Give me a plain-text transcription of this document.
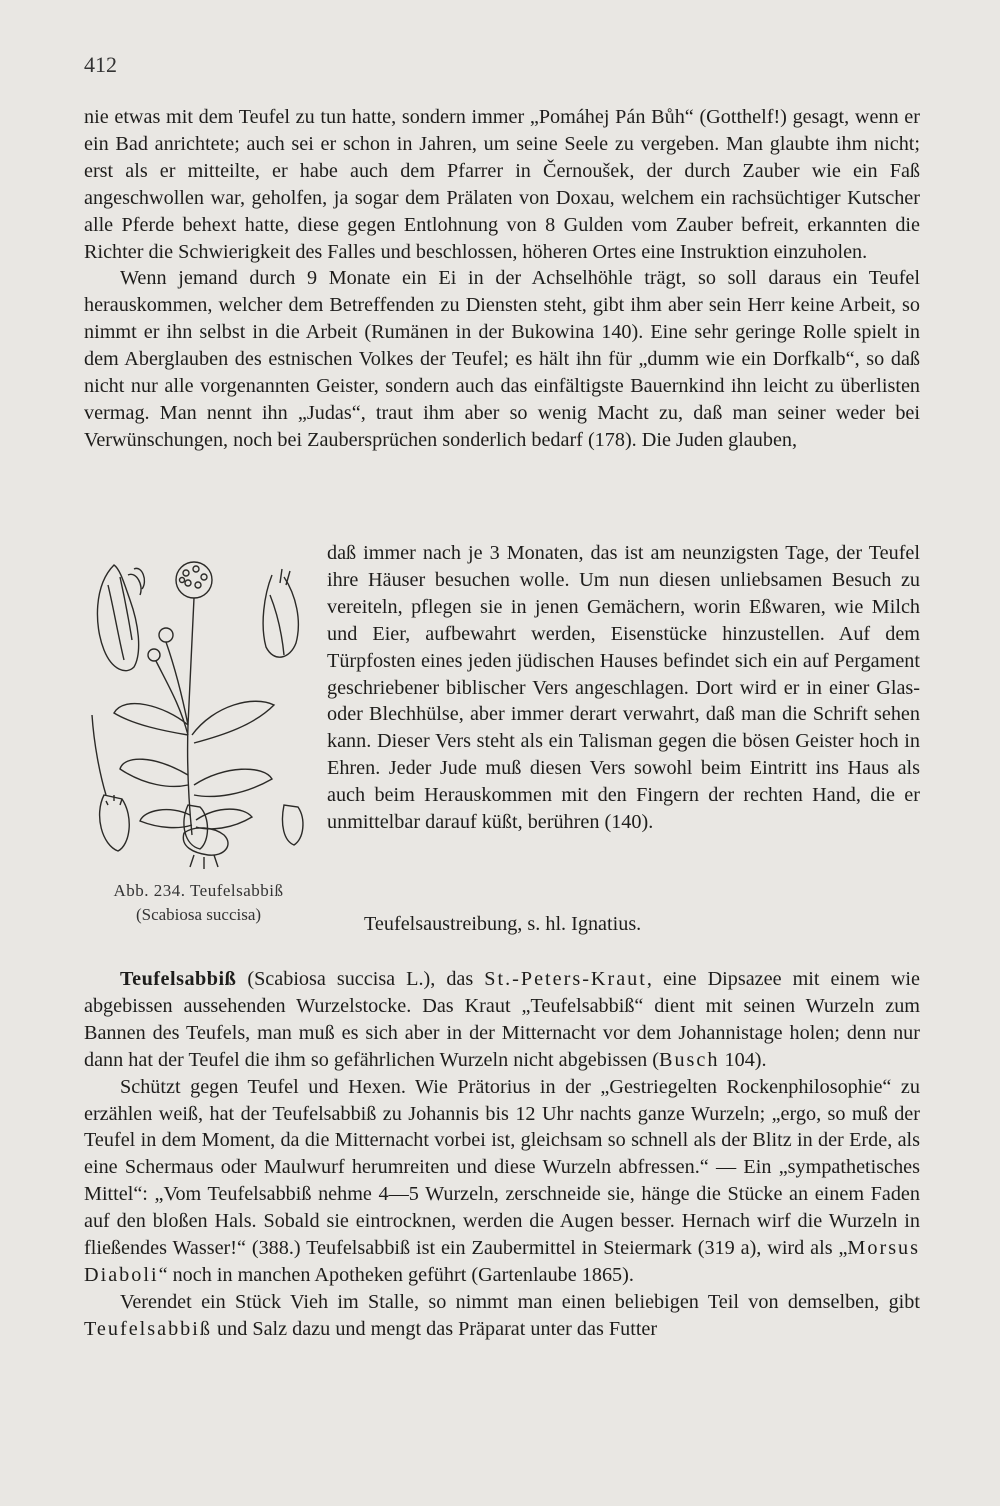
412

nie etwas mit dem Teufel zu tun hatte, sondern immer „Pomáhej Pán Bůh“ (Gotthelf!) gesagt, wenn er ein Bad anrichtete; auch sei er schon in Jahren, um seine Seele zu vergeben. Man glaubte ihm nicht; erst als er mitteilte, er habe auch dem Pfarrer in Černoušek, der durch Zauber wie ein Faß angeschwollen war, geholfen, ja sogar dem Prälaten von Doxau, welchem ein rachsüchtiger Kutscher alle Pferde behext hatte, diese gegen Entlohnung von 8 Gulden vom Zauber befreit, erkannten die Richter die Schwierigkeit des Falles und beschlossen, höheren Ortes eine Instruktion einzuholen.

Wenn jemand durch 9 Monate ein Ei in der Achselhöhle trägt, so soll daraus ein Teufel herauskommen, welcher dem Betreffenden zu Diensten steht, gibt ihm aber sein Herr keine Arbeit, so nimmt er ihn selbst in die Arbeit (Rumänen in der Bukowina 140). Eine sehr geringe Rolle spielt in dem Aberglauben des estnischen Volkes der Teufel; es hält ihn für „dumm wie ein Dorfkalb“, so daß nicht nur alle vorgenannten Geister, sondern auch das einfältigste Bauernkind ihn leicht zu überlisten vermag. Man nennt ihn „Judas“, traut ihm aber so wenig Macht zu, daß man seiner weder bei Verwünschungen, noch bei Zaubersprüchen sonderlich bedarf (178). Die Juden glauben,

Abb. 234. Teufelsabbiß
(Scabiosa succisa)

daß immer nach je 3 Monaten, das ist am neunzigsten Tage, der Teufel ihre Häuser besuchen wolle. Um nun diesen unliebsamen Besuch zu vereiteln, pflegen sie in jenen Gemächern, worin Eßwaren, wie Milch und Eier, aufbewahrt werden, Eisenstücke hinzustellen. Auf dem Türpfosten eines jeden jüdischen Hauses befindet sich ein auf Pergament geschriebener biblischer Vers angeschlagen. Dort wird er in einer Glas- oder Blechhülse, aber immer derart verwahrt, daß man die Schrift sehen kann. Dieser Vers steht als ein Talisman gegen die bösen Geister hoch in Ehren. Jeder Jude muß diesen Vers sowohl beim Eintritt ins Haus als auch beim Herauskommen mit den Fingern der rechten Hand, die er unmittelbar darauf küßt, berühren (140).

Teufelsaustreibung, s. hl. Ignatius.

Teufelsabbiß (Scabiosa succisa L.), das St.-Peters-Kraut, eine Dipsazee mit einem wie abgebissen aussehenden Wurzelstocke. Das Kraut „Teufelsabbiß“ dient mit seinen Wurzeln zum Bannen des Teufels, man muß es sich aber in der Mitternacht vor dem Johannistage holen; denn nur dann hat der Teufel die ihm so gefährlichen Wurzeln nicht abgebissen (Busch 104).

Schützt gegen Teufel und Hexen. Wie Prätorius in der „Gestriegelten Rockenphilosophie“ zu erzählen weiß, hat der Teufelsabbiß zu Johannis bis 12 Uhr nachts ganze Wurzeln; „ergo, so muß der Teufel in dem Moment, da die Mitternacht vorbei ist, gleichsam so schnell als der Blitz in der Erde, als eine Schermaus oder Maulwurf herumreiten und diese Wurzeln abfressen.“ — Ein „sympathetisches Mittel“: „Vom Teufelsabbiß nehme 4—5 Wurzeln, zerschneide sie, hänge die Stücke an einem Faden auf den bloßen Hals. Sobald sie eintrocknen, werden die Augen besser. Hernach wirf die Wurzeln in fließendes Wasser!“ (388.) Teufelsabbiß ist ein Zaubermittel in Steiermark (319 a), wird als „Morsus Diaboli“ noch in manchen Apotheken geführt (Gartenlaube 1865).

Verendet ein Stück Vieh im Stalle, so nimmt man einen beliebigen Teil von demselben, gibt Teufelsabbiß und Salz dazu und mengt das Präparat unter das Futter
